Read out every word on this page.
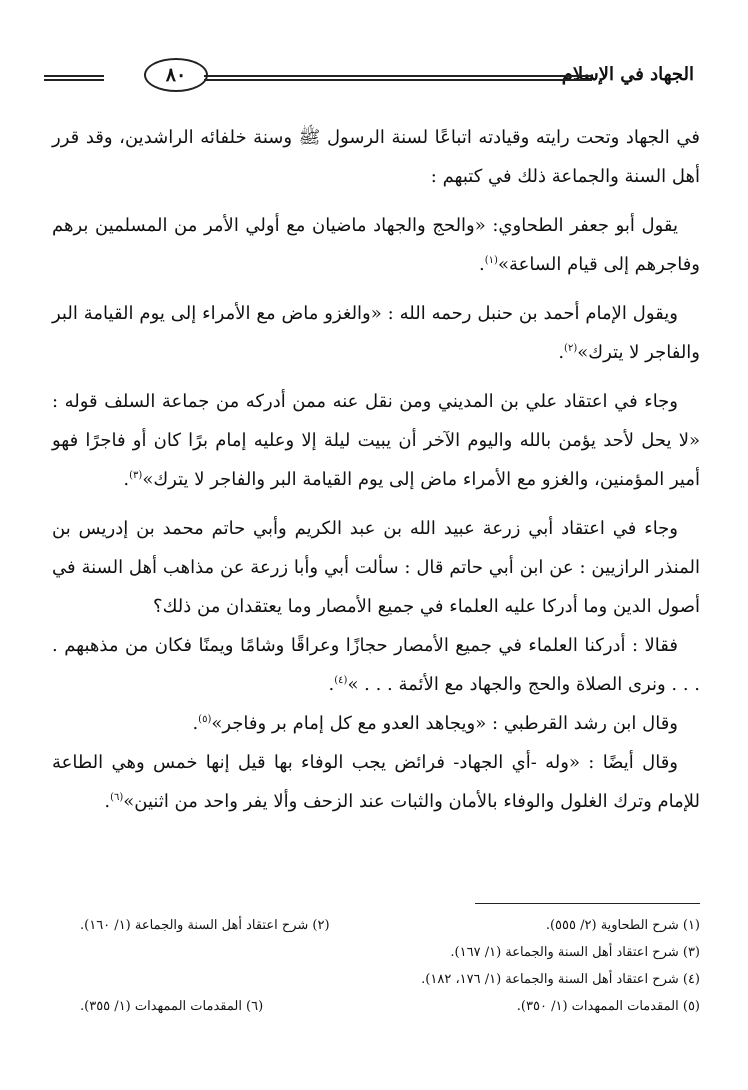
الجهاد في الإسلام
٨٠

في الجهاد وتحت رايته وقيادته اتباعًا لسنة الرسول ﷺ وسنة خلفائه الراشدين، وقد قرر أهل السنة والجماعة ذلك في كتبهم :

يقول أبو جعفر الطحاوي: «والحج والجهاد ماضيان مع أولي الأمر من المسلمين برهم وفاجرهم إلى قيام الساعة»$^{(١)}$.

ويقول الإمام أحمد بن حنبل رحمه الله : «والغزو ماض مع الأمراء إلى يوم القيامة البر والفاجر لا يترك»$^{(٢)}$.

وجاء في اعتقاد علي بن المديني ومن نقل عنه ممن أدركه من جماعة السلف قوله : «لا يحل لأحد يؤمن بالله واليوم الآخر أن يبيت ليلة إلا وعليه إمام برًا كان أو فاجرًا فهو أمير المؤمنين، والغزو مع الأمراء ماض إلى يوم القيامة البر والفاجر لا يترك»$^{(٣)}$.

وجاء في اعتقاد أبي زرعة عبيد الله بن عبد الكريم وأبي حاتم محمد بن إدريس بن المنذر الرازيين : عن ابن أبي حاتم قال : سألت أبي وأبا زرعة عن مذاهب أهل السنة في أصول الدين وما أدركا عليه العلماء في جميع الأمصار وما يعتقدان من ذلك؟

فقالا : أدركنا العلماء في جميع الأمصار حجازًا وعراقًا وشامًا ويمنًا فكان من مذهبهم . . . . ونرى الصلاة والحج والجهاد مع الأئمة . . . »$^{(٤)}$.

وقال ابن رشد القرطبي : «ويجاهد العدو مع كل إمام بر وفاجر»$^{(٥)}$.

وقال أيضًا : «وله -أي الجهاد- فرائض يجب الوفاء بها قيل إنها خمس وهي الطاعة للإمام وترك الغلول والوفاء بالأمان والثبات عند الزحف وألا يفر واحد من اثنين»$^{(٦)}$.

(١) شرح الطحاوية (٢/ ٥٥٥).
(٢) شرح اعتقاد أهل السنة والجماعة (١/ ١٦٠).
(٣) شرح اعتقاد أهل السنة والجماعة (١/ ١٦٧).
(٤) شرح اعتقاد أهل السنة والجماعة (١/ ١٧٦، ١٨٢).
(٥) المقدمات الممهدات (١/ ٣٥٠).
(٦) المقدمات الممهدات (١/ ٣٥٥).
